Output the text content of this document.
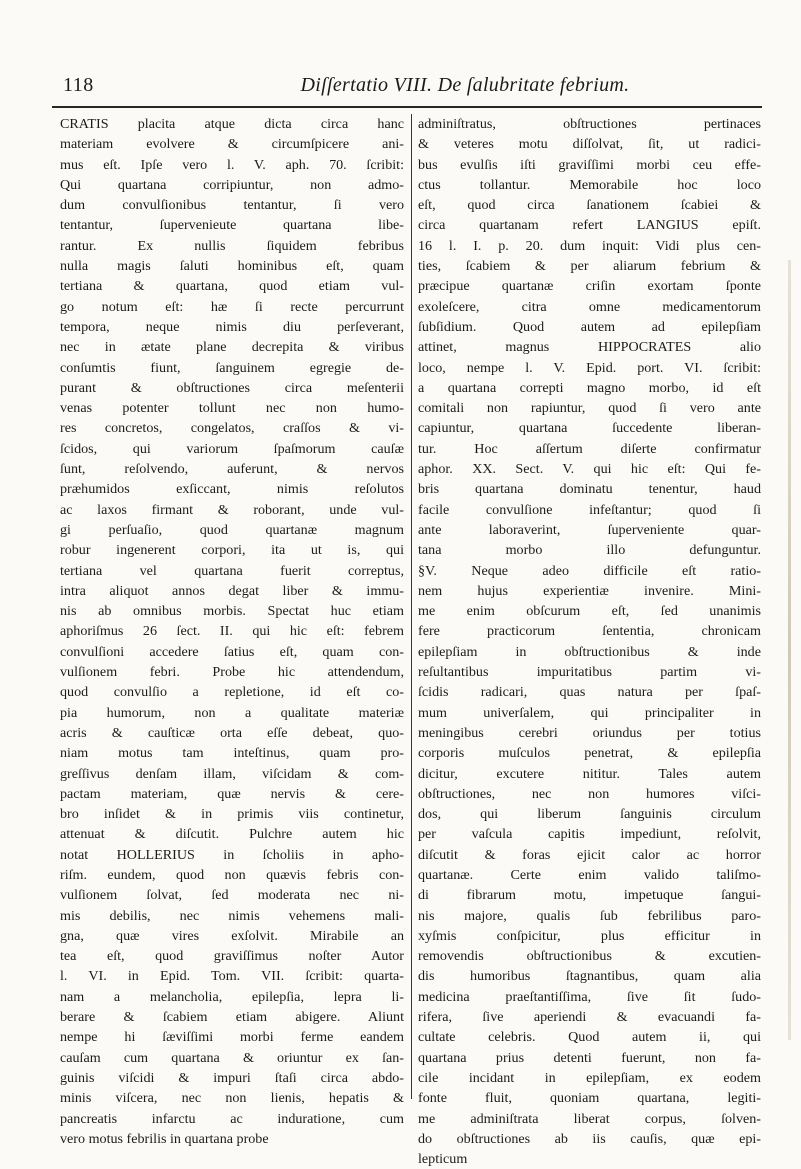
118	Diſſertatio VIII. De ſalubritate febrium.
CRATIS placita atque dicta circa hanc
materiam evolvere & circumſpicere ani-
mus eſt. Ipſe vero l. V. aph. 70. ſcribit:
Qui quartana corripiuntur, non admo-
dum convulſionibus tentantur, ſi vero
tentantur, ſupervenieute quartana libe-
rantur. Ex nullis ſiquidem febribus
nulla magis ſaluti hominibus eſt, quam
tertiana & quartana, quod etiam vul-
go notum eſt: hæ ſi recte percurrunt
tempora, neque nimis diu perſeverant,
nec in ætate plane decrepita & viribus
conſumtis fiunt, ſanguinem egregie de-
purant & obſtructiones circa meſenterii
venas potenter tollunt nec non humo-
res concretos, congelatos, craſſos & vi-
ſcidos, qui variorum ſpaſmorum cauſæ
ſunt, reſolvendo, auferunt, & nervos
præhumidos exſiccant, nimis reſolutos
ac laxos firmant & roborant, unde vul-
gi perſuaſio, quod quartanæ magnum
robur ingenerent corpori, ita ut is, qui
tertiana vel quartana fuerit correptus,
intra aliquot annos degat liber & immu-
nis ab omnibus morbis. Spectat huc etiam
aphoriſmus 26 ſect. II. qui hic eſt: febrem
convulſioni accedere ſatius eſt, quam con-
vulſionem febri. Probe hic attendendum,
quod convulſio a repletione, id eſt co-
pia humorum, non a qualitate materiæ
acris & cauſticæ orta eſſe debeat, quo-
niam motus tam inteſtinus, quam pro-
greſſivus denſam illam, viſcidam & com-
pactam materiam, quæ nervis & cere-
bro inſidet & in primis viis continetur,
attenuat & diſcutit. Pulchre autem hic
notat HOLLERIUS in ſcholiis in apho-
riſm. eundem, quod non quævis febris con-
vulſionem ſolvat, ſed moderata nec ni-
mis debilis, nec nimis vehemens mali-
gna, quæ vires exſolvit. Mirabile an
tea eſt, quod graviſſimus noſter Autor
l. VI. in Epid. Tom. VII. ſcribit: quarta-
nam a melancholia, epilepſia, lepra li-
berare & ſcabiem etiam abigere. Aliunt
nempe hi ſæviſſimi morbi ferme eandem
cauſam cum quartana & oriuntur ex ſan-
guinis viſcidi & impuri ſtaſi circa abdo-
minis viſcera, nec non lienis, hepatis &
pancreatis infarctu ac induratione, cum
vero motus febrilis in quartana probe
adminiſtratus, obſtructiones pertinaces
& veteres motu diſſolvat, ſit, ut radici-
bus evulſis iſti graviſſimi morbi ceu effe-
ctus tollantur. Memorabile hoc loco
eſt, quod circa ſanationem ſcabiei &
circa quartanam refert LANGIUS epiſt.
16 l. I. p. 20. dum inquit: Vidi plus cen-
ties, ſcabiem & per aliarum febrium &
præcipue quartanæ criſin exortam ſponte
exoleſcere, citra omne medicamentorum
ſubſidium. Quod autem ad epilepſiam
attinet, magnus HIPPOCRATES alio
loco, nempe l. V. Epid. port. VI. ſcribit:
a quartana correpti magno morbo, id eſt
comitali non rapiuntur, quod ſi vero ante
capiuntur, quartana ſuccedente liberan-
tur. Hoc aſſertum diſerte confirmatur
aphor. XX. Sect. V. qui hic eſt: Qui fe-
bris quartana dominatu tenentur, haud
facile convulſione infeſtantur; quod ſi
ante laboraverint, ſuperveniente quar-
tana morbo illo defunguntur.
§V. Neque adeo difficile eſt ratio-
nem hujus experientiæ invenire. Mini-
me enim obſcurum eſt, ſed unanimis
fere practicorum ſententia, chronicam
epilepſiam in obſtructionibus & inde
reſultantibus impuritatibus partim vi-
ſcidis radicari, quas natura per ſpaſ-
mum univerſalem, qui principaliter in
meningibus cerebri oriundus per totius
corporis muſculos penetrat, & epilepſia
dicitur, excutere nititur. Tales autem
obſtructiones, nec non humores viſci-
dos, qui liberum ſanguinis circulum
per vaſcula capitis impediunt, reſolvit,
diſcutit & foras ejicit calor ac horror
quartanæ. Certe enim valido taliſmo-
di fibrarum motu, impetuque ſangui-
nis majore, qualis ſub febrilibus paro-
xyſmis conſpicitur, plus efficitur in
removendis obſtructionibus & excutien-
dis humoribus ſtagnantibus, quam alia
medicina praeſtantiſſima, ſive ſit ſudo-
rifera, ſive aperiendi & evacuandi fa-
cultate celebris. Quod autem ii, qui
quartana prius detenti fuerunt, non fa-
cile incidant in epilepſiam, ex eodem
fonte fluit, quoniam quartana, legiti-
me adminiſtrata liberat corpus, ſolven-
do obſtructiones ab iis cauſis, quæ epi-
lepticum
